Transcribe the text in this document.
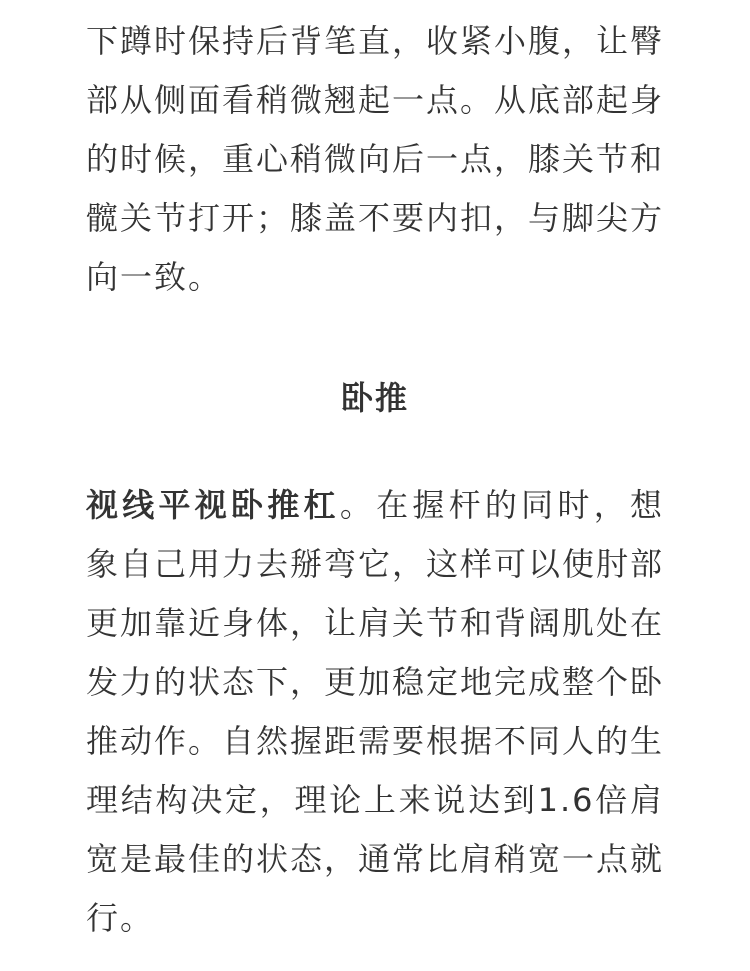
下蹲时保持后背笔直，收紧小腹，让臀部从侧面看稍微翘起一点。从底部起身的时候，重心稍微向后一点，膝关节和髋关节打开；膝盖不要内扣，与脚尖方向一致。

卧推

视线平视卧推杠。在握杆的同时，想象自己用力去掰弯它，这样可以使肘部更加靠近身体，让肩关节和背阔肌处在发力的状态下，更加稳定地完成整个卧推动作。自然握距需要根据不同人的生理结构决定，理论上来说达到1.6倍肩宽是最佳的状态，通常比肩稍宽一点就行。
